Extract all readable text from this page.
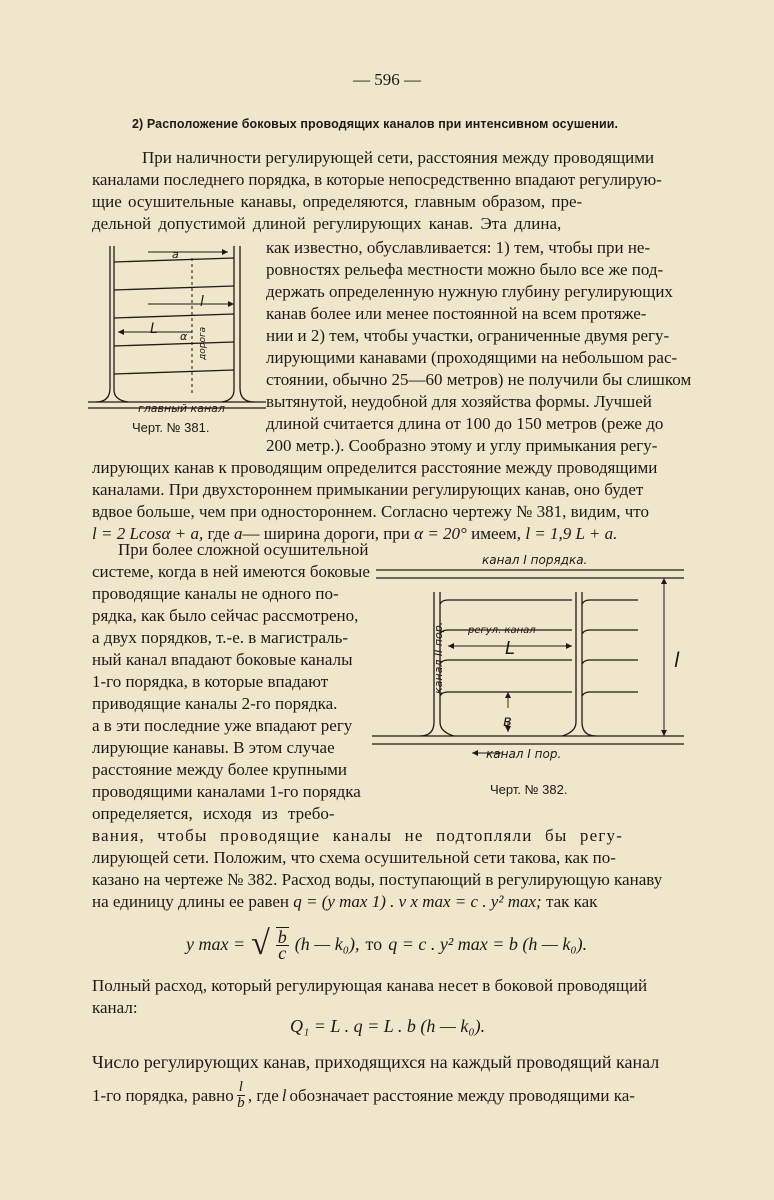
— 596 —
2) Расположение боковых проводящих каналов при интенсивном осушении.
При наличности регулирующей сети, расстояния между проводящими
каналами последнего порядка, в которые непосредственно впадают регулирую-
щие осушительные канавы, определяются, главным образом, пре-
дельной допустимой длиной регулирующих канав. Эта длина,
как известно, обуславливается: 1) тем, чтобы при не-
ровностях рельефа местности можно было все же под-
держать определенную нужную глубину регулирующих
канав более или менее постоянной на всем протяже-
нии и 2) тем, чтобы участки, ограниченные двумя регу-
лирующими канавами (проходящими на небольшом рас-
стоянии, обычно 25—60 метров) не получили бы слишком
вытянутой, неудобной для хозяйства формы. Лучшей
длиной считается длина от 100 до 150 метров (реже до
200 метр.). Сообразно этому и углу примыкания регу-
лирующих канав к проводящим определится расстояние между проводящими
каналами. При двухстороннем примыкании регулирующих канав, оно будет
вдвое больше, чем при одностороннем. Согласно чертежу № 381, видим, что
l = 2 Lcosα + a, где a— ширина дороги, при α = 20° имеем, l = 1,9 L + a.
a
l
L α дорога
главный канал
Черт. № 381.
При более сложной осушительной
системе, когда в ней имеются боковые
проводящие каналы не одного по-
рядка, как было сейчас рассмотрено,
а двух порядков, т.-е. в магистраль-
ный канал впадают боковые каналы
1-го порядка, в которые впадают
приводящие каналы 2-го порядка.
а в эти последние уже впадают регу
лирующие канавы. В этом случае
расстояние между более крупными
проводящими каналами 1-го порядка
определяется, исходя из требо-
канал I порядка.
регул. канал
L	l
в
канал II пор.
канал I пор.
Черт. № 382.
вания, чтобы проводящие каналы не подтопляли бы регу-
лирующей сети. Положим, что схема осушительной сети такова, как по-
казано на чертеже № 382. Расход воды, поступающий в регулирующую канаву
на единицу длины ее равен q = (y max 1) . v x max = c . y² max; так как
y max = √ $\frac{b}{c} (h$ — k₀), то q = c . y² max = b (h — k₀).
Полный расход, который регулирующая канава несет в боковой проводящий
канал:
Q₁ = L . q = L . b (h — k₀).
Число регулирующих канав, приходящихся на каждый проводящий канал
1-го порядка, равно $\frac{l}{b}$ , где l обозначает расстояние между проводящими ка-
